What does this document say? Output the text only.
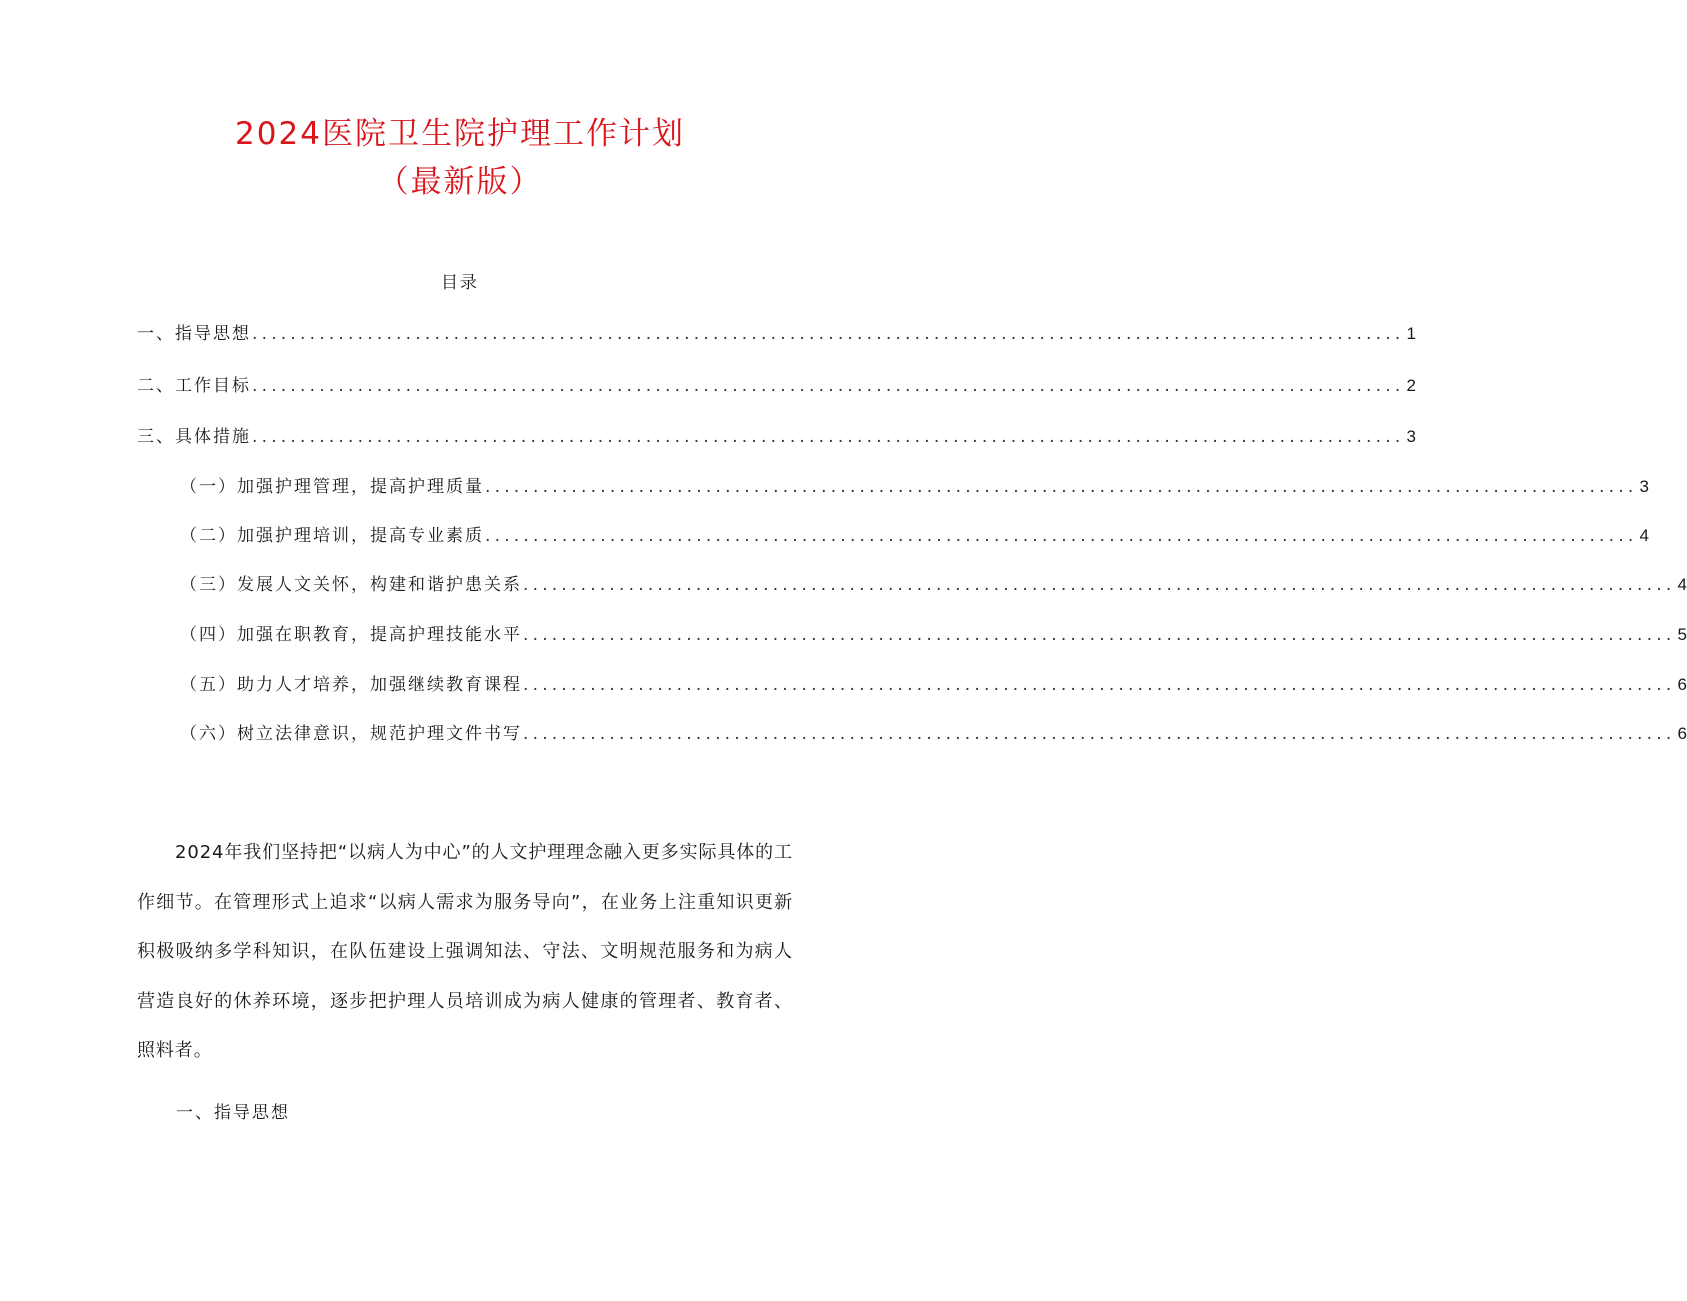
2024医院卫生院护理工作计划
（最新版）
目录
一、指导思想 ........................................................................................................................ 1
二、工作目标 ........................................................................................................................ 2
三、具体措施 ........................................................................................................................ 3
（一）加强护理管理，提高护理质量 ........................................................................................................................ 3
（二）加强护理培训，提高专业素质 ........................................................................................................................ 4
（三）发展人文关怀，构建和谐护患关系 ........................................................................................................................ 4
（四）加强在职教育，提高护理技能水平 ........................................................................................................................ 5
（五）助力人才培养，加强继续教育课程 ........................................................................................................................ 6
（六）树立法律意识，规范护理文件书写 ........................................................................................................................ 6

2024年我们坚持把“以病人为中心”的人文护理理念融入更多实际具体的工作细节。在管理形式上追求“以病人需求为服务导向”，在业务上注重知识更新积极吸纳多学科知识，在队伍建设上强调知法、守法、文明规范服务和为病人营造良好的休养环境，逐步把护理人员培训成为病人健康的管理者、教育者、照料者。

一、指导思想
